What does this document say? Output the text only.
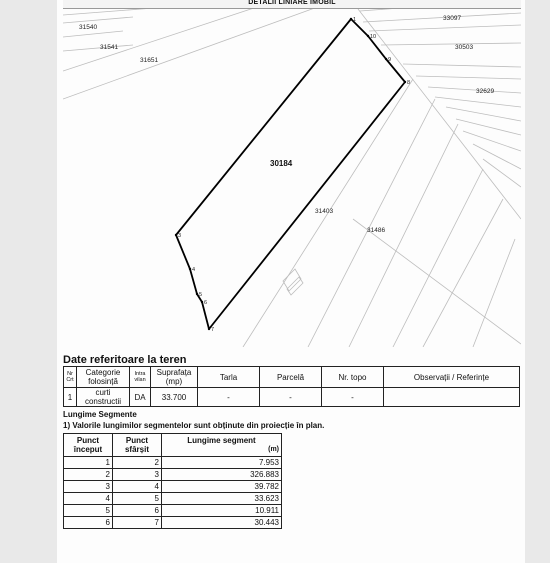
DETALII LINIARE IMOBIL
1
10
9
8
3
4
5
6
7
31540
31541
31651
33097
30503
32629
31403
31486
30184
Date referitoare la teren
Nr Crt	Categorie folosință	Intra vilan	Suprafața (mp)	Tarla	Parcelă	Nr. topo	Observații / Referințe
1	curti constructii	DA	33.700	-	-	-	
Lungime Segmente
1) Valorile lungimilor segmentelor sunt obținute din proiecție în plan.
Punct început	Punct sfârșit	Lungime segment
(m)

1	2	7.953
2	3	326.883
3	4	39.782
4	5	33.623
5	6	10.911
6	7	30.443
